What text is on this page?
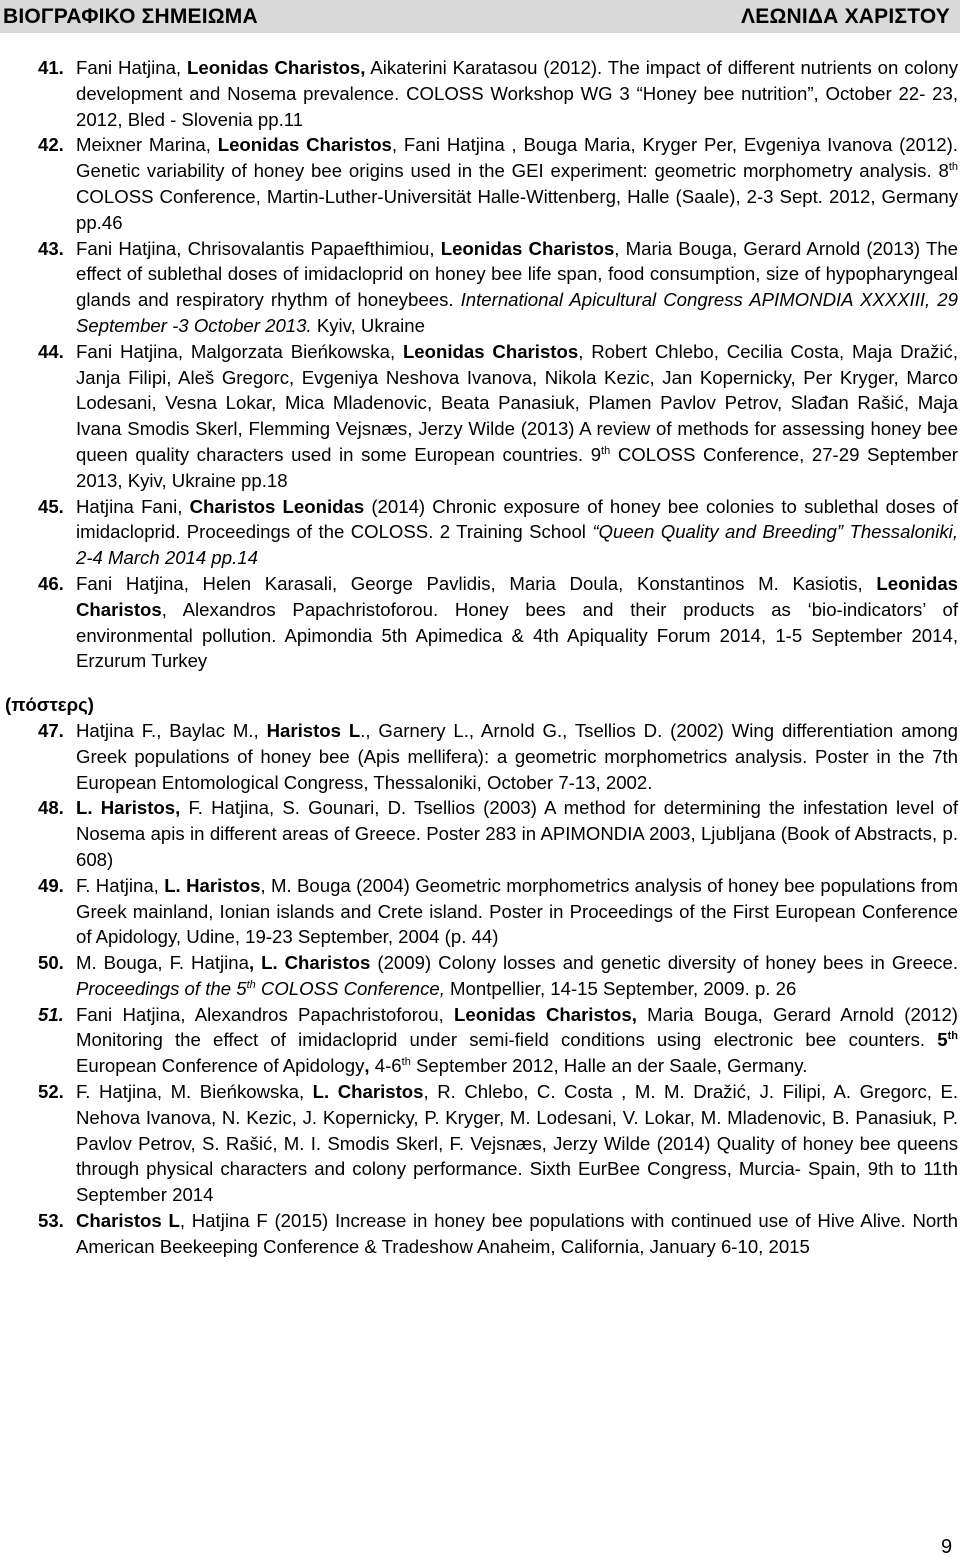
ΒΙΟΓΡΑΦΙΚΟ ΣΗΜΕΙΩΜΑ	ΛΕΩΝΙΔΑ ΧΑΡΙΣΤΟΥ
41. Fani Hatjina, Leonidas Charistos, Aikaterini Karatasou (2012). The impact of different nutrients on colony development and Nosema prevalence. COLOSS Workshop WG 3 “Honey bee nutrition”, October 22- 23, 2012, Bled - Slovenia pp.11
42. Meixner Marina, Leonidas Charistos, Fani Hatjina , Bouga Maria, Kryger Per, Evgeniya Ivanova (2012). Genetic variability of honey bee origins used in the GEI experiment: geometric morphometry analysis. 8th COLOSS Conference, Martin-Luther-Universität Halle-Wittenberg, Halle (Saale), 2-3 Sept. 2012, Germany pp.46
43. Fani Hatjina, Chrisovalantis Papaefthimiou, Leonidas Charistos, Maria Bouga, Gerard Arnold (2013) The effect of sublethal doses of imidacloprid on honey bee life span, food consumption, size of hypopharyngeal glands and respiratory rhythm of honeybees. International Apicultural Congress APIMONDIA XXXXIII, 29 September -3 October 2013. Kyiv, Ukraine
44. Fani Hatjina, Malgorzata Bieńkowska, Leonidas Charistos, Robert Chlebo, Cecilia Costa, Maja Dražić, Janja Filipi, Aleš Gregorc, Evgeniya Neshova Ivanova, Nikola Kezic, Jan Kopernicky, Per Kryger, Marco Lodesani, Vesna Lokar, Mica Mladenovic, Beata Panasiuk, Plamen Pavlov Petrov, Slađan Rašić, Maja Ivana Smodis Skerl, Flemming Vejsnæs, Jerzy Wilde (2013) A review of methods for assessing honey bee queen quality characters used in some European countries. 9th COLOSS Conference, 27-29 September 2013, Kyiv, Ukraine pp.18
45. Hatjina Fani, Charistos Leonidas (2014) Chronic exposure of honey bee colonies to sublethal doses of imidacloprid. Proceedings of the COLOSS. 2 Training School “Queen Quality and Breeding” Thessaloniki, 2-4 March 2014 pp.14
46. Fani Hatjina, Helen Karasali, George Pavlidis, Maria Doula, Konstantinos M. Kasiotis, Leonidas Charistos, Alexandros Papachristoforou. Honey bees and their products as ‘bio-indicators’ of environmental pollution. Apimondia 5th Apimedica & 4th Apiquality Forum 2014, 1-5 September 2014, Erzurum Turkey
(πόστερς)
47. Hatjina F., Baylac M., Haristos L., Garnery L., Arnold G., Tsellios D. (2002) Wing differentiation among Greek populations of honey bee (Apis mellifera): a geometric morphometrics analysis. Poster in the 7th European Entomological Congress, Thessaloniki, October 7-13, 2002.
48. L. Haristos, F. Hatjina, S. Gounari, D. Tsellios (2003) A method for determining the infestation level of Nosema apis in different areas of Greece. Poster 283 in APIMONDIA 2003, Ljubljana (Book of Abstracts, p. 608)
49. F. Hatjina, L. Haristos, M. Bouga (2004) Geometric morphometrics analysis of honey bee populations from Greek mainland, Ionian islands and Crete island. Poster in Proceedings of the First European Conference of Apidology, Udine, 19-23 September, 2004 (p. 44)
50. M. Bouga, F. Hatjina, L. Charistos (2009) Colony losses and genetic diversity of honey bees in Greece. Proceedings of the 5th COLOSS Conference, Montpellier, 14-15 September, 2009. p. 26
51. Fani Hatjina, Alexandros Papachristoforou, Leonidas Charistos, Maria Bouga, Gerard Arnold (2012) Monitoring the effect of imidacloprid under semi-field conditions using electronic bee counters. 5th European Conference of Apidology, 4-6th September 2012, Halle an der Saale, Germany.
52. F. Hatjina, M. Bieńkowska, L. Charistos, R. Chlebo, C. Costa , M. M. Dražić, J. Filipi, A. Gregorc, E. Nehova Ivanova, N. Kezic, J. Kopernicky, P. Kryger, M. Lodesani, V. Lokar, M. Mladenovic, B. Panasiuk, P. Pavlov Petrov, S. Rašić, M. I. Smodis Skerl, F. Vejsnæs, Jerzy Wilde (2014) Quality of honey bee queens through physical characters and colony performance. Sixth EurBee Congress, Murcia- Spain, 9th to 11th September 2014
53. Charistos L, Hatjina F (2015) Increase in honey bee populations with continued use of Hive Alive. North American Beekeeping Conference & Tradeshow Anaheim, California, January 6-10, 2015
9
